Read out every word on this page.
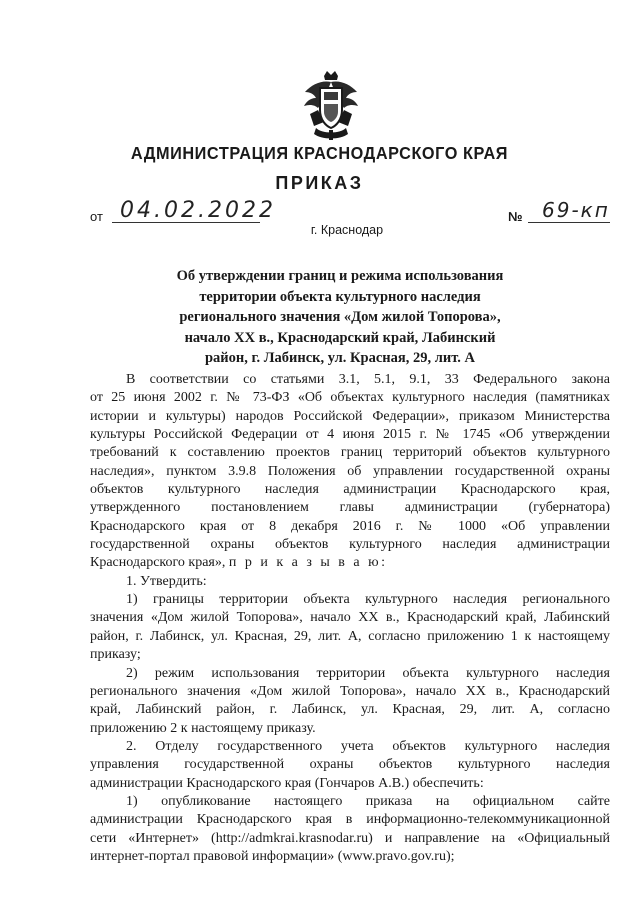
АДМИНИСТРАЦИЯ КРАСНОДАРСКОГО КРАЯ
ПРИКАЗ
от 04.02.2022	№ 69-кп
г. Краснодар
Об утверждении границ и режима использования
территории объекта культурного наследия
регионального значения «Дом жилой Топорова»,
начало XX в., Краснодарский край, Лабинский
район, г. Лабинск, ул. Красная, 29, лит. А
В соответствии со статьями 3.1, 5.1, 9.1, 33 Федерального закона
от 25 июня 2002 г. № 73-ФЗ «Об объектах культурного наследия (памятниках
истории и культуры) народов Российской Федерации», приказом Министерства
культуры Российской Федерации от 4 июня 2015 г. № 1745 «Об утверждении
требований к составлению проектов границ территорий объектов культурного
наследия», пунктом 3.9.8 Положения об управлении государственной охраны
объектов культурного наследия администрации Краснодарского края,
утвержденного постановлением главы администрации (губернатора)
Краснодарского края от 8 декабря 2016 г. № 1000 «Об управлении
государственной охраны объектов культурного наследия администрации
Краснодарского края», п р и к а з ы в а ю:
1. Утвердить:
1) границы территории объекта культурного наследия регионального
значения «Дом жилой Топорова», начало XX в., Краснодарский край, Лабинский
район, г. Лабинск, ул. Красная, 29, лит. А, согласно приложению 1 к настоящему
приказу;
2) режим использования территории объекта культурного наследия
регионального значения «Дом жилой Топорова», начало XX в., Краснодарский
край, Лабинский район, г. Лабинск, ул. Красная, 29, лит. А, согласно
приложению 2 к настоящему приказу.
2. Отделу государственного учета объектов культурного наследия
управления государственной охраны объектов культурного наследия
администрации Краснодарского края (Гончаров А.В.) обеспечить:
1) опубликование настоящего приказа на официальном сайте
администрации Краснодарского края в информационно-телекоммуникационной
сети «Интернет» (http://admkrai.krasnodar.ru) и направление на «Официальный
интернет-портал правовой информации» (www.pravo.gov.ru);
